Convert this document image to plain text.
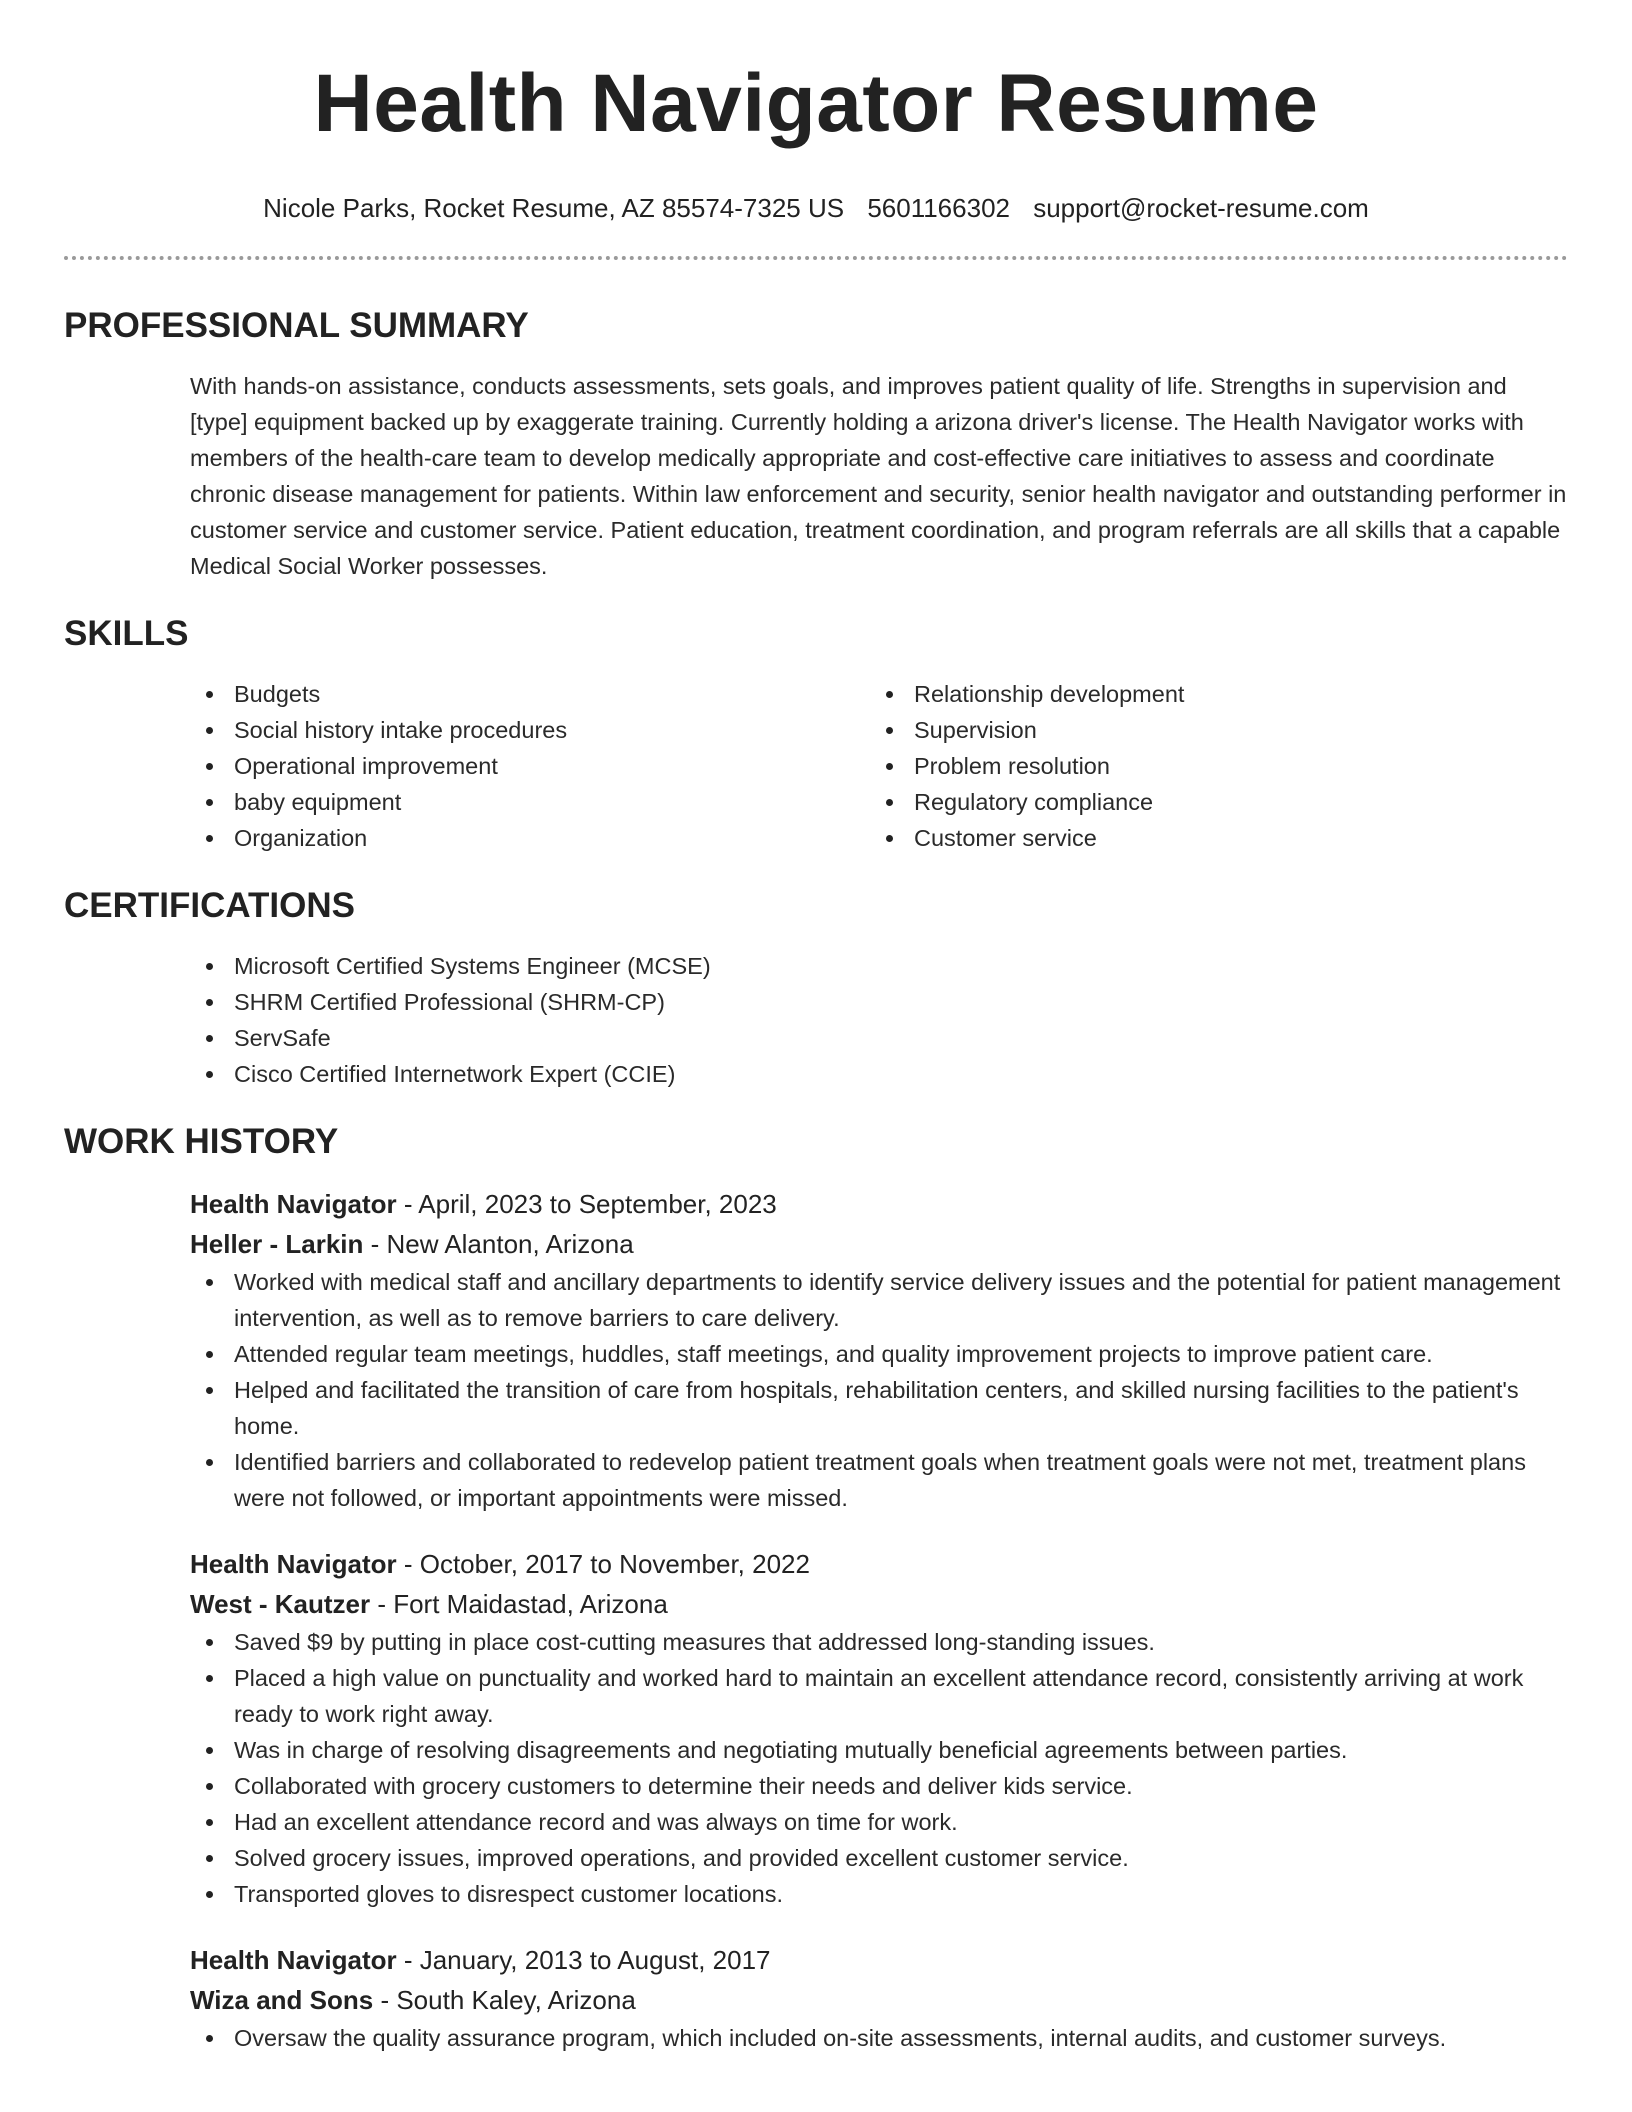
Health Navigator Resume
Nicole Parks, Rocket Resume, AZ 85574-7325 US 5601166302 support@rocket-resume.com
PROFESSIONAL SUMMARY

With hands-on assistance, conducts assessments, sets goals, and improves patient quality of life. Strengths in supervision and [type] equipment backed up by exaggerate training. Currently holding a arizona driver's license. The Health Navigator works with members of the health-care team to develop medically appropriate and cost-effective care initiatives to assess and coordinate chronic disease management for patients. Within law enforcement and security, senior health navigator and outstanding performer in customer service and customer service. Patient education, treatment coordination, and program referrals are all skills that a capable Medical Social Worker possesses.

SKILLS
Budgets
Social history intake procedures
Operational improvement
baby equipment
Organization
Relationship development
Supervision
Problem resolution
Regulatory compliance
Customer service
CERTIFICATIONS
Microsoft Certified Systems Engineer (MCSE)
SHRM Certified Professional (SHRM-CP)
ServSafe
Cisco Certified Internetwork Expert (CCIE)
WORK HISTORY
Health Navigator - April, 2023 to September, 2023
Heller - Larkin - New Alanton, Arizona
Worked with medical staff and ancillary departments to identify service delivery issues and the potential for patient management intervention, as well as to remove barriers to care delivery.
Attended regular team meetings, huddles, staff meetings, and quality improvement projects to improve patient care.
Helped and facilitated the transition of care from hospitals, rehabilitation centers, and skilled nursing facilities to the patient's home.
Identified barriers and collaborated to redevelop patient treatment goals when treatment goals were not met, treatment plans were not followed, or important appointments were missed.
Health Navigator - October, 2017 to November, 2022
West - Kautzer - Fort Maidastad, Arizona
Saved $9 by putting in place cost-cutting measures that addressed long-standing issues.
Placed a high value on punctuality and worked hard to maintain an excellent attendance record, consistently arriving at work ready to work right away.
Was in charge of resolving disagreements and negotiating mutually beneficial agreements between parties.
Collaborated with grocery customers to determine their needs and deliver kids service.
Had an excellent attendance record and was always on time for work.
Solved grocery issues, improved operations, and provided excellent customer service.
Transported gloves to disrespect customer locations.
Health Navigator - January, 2013 to August, 2017
Wiza and Sons - South Kaley, Arizona
Oversaw the quality assurance program, which included on-site assessments, internal audits, and customer surveys.
